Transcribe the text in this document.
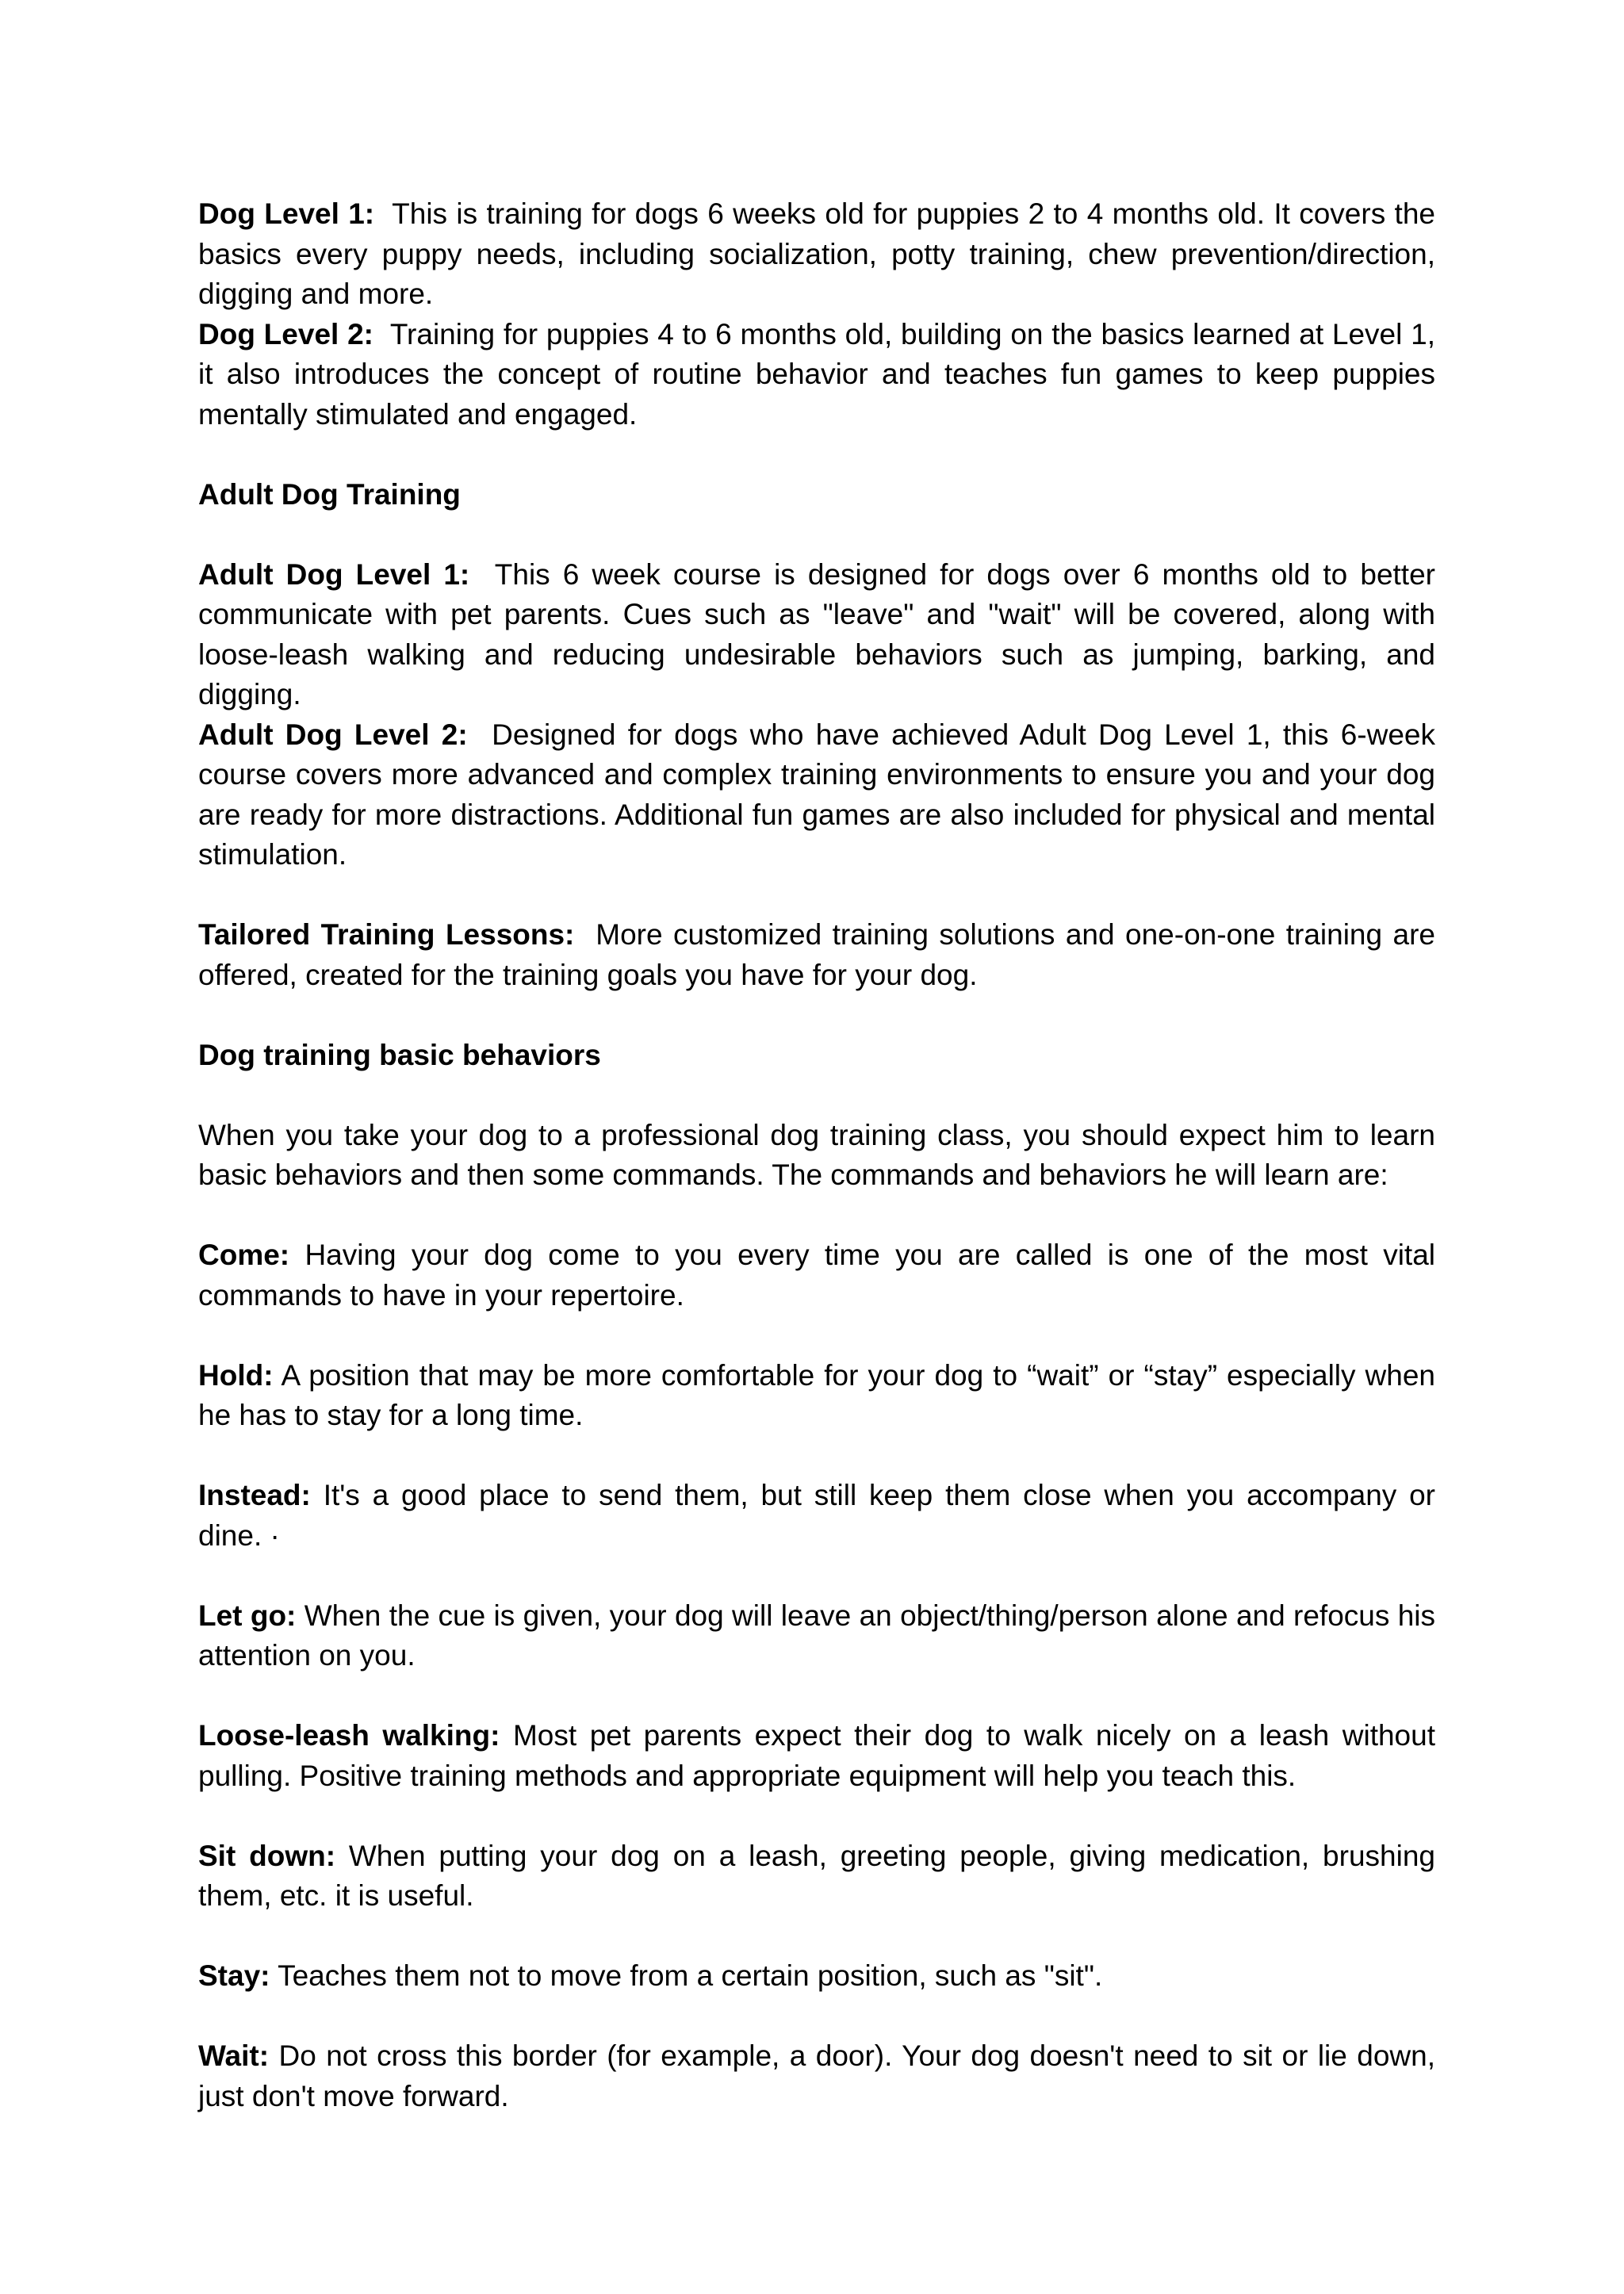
Dog Level 1: This is training for dogs 6 weeks old for puppies 2 to 4 months old. It covers the basics every puppy needs, including socialization, potty training, chew prevention/direction, digging and more.

Dog Level 2: Training for puppies 4 to 6 months old, building on the basics learned at Level 1, it also introduces the concept of routine behavior and teaches fun games to keep puppies mentally stimulated and engaged.

Adult Dog Training

Adult Dog Level 1: This 6 week course is designed for dogs over 6 months old to better communicate with pet parents. Cues such as "leave" and "wait" will be covered, along with loose-leash walking and reducing undesirable behaviors such as jumping, barking, and digging.

Adult Dog Level 2: Designed for dogs who have achieved Adult Dog Level 1, this 6-week course covers more advanced and complex training environments to ensure you and your dog are ready for more distractions. Additional fun games are also included for physical and mental stimulation.

Tailored Training Lessons: More customized training solutions and one-on-one training are offered, created for the training goals you have for your dog.

Dog training basic behaviors

When you take your dog to a professional dog training class, you should expect him to learn basic behaviors and then some commands. The commands and behaviors he will learn are:

Come: Having your dog come to you every time you are called is one of the most vital commands to have in your repertoire.

Hold: A position that may be more comfortable for your dog to “wait” or “stay” especially when he has to stay for a long time.

Instead: It's a good place to send them, but still keep them close when you accompany or dine. ·

Let go: When the cue is given, your dog will leave an object/thing/person alone and refocus his attention on you.

Loose-leash walking: Most pet parents expect their dog to walk nicely on a leash without pulling. Positive training methods and appropriate equipment will help you teach this.

Sit down: When putting your dog on a leash, greeting people, giving medication, brushing them, etc. it is useful.

Stay: Teaches them not to move from a certain position, such as "sit".

Wait: Do not cross this border (for example, a door). Your dog doesn't need to sit or lie down, just don't move forward.
